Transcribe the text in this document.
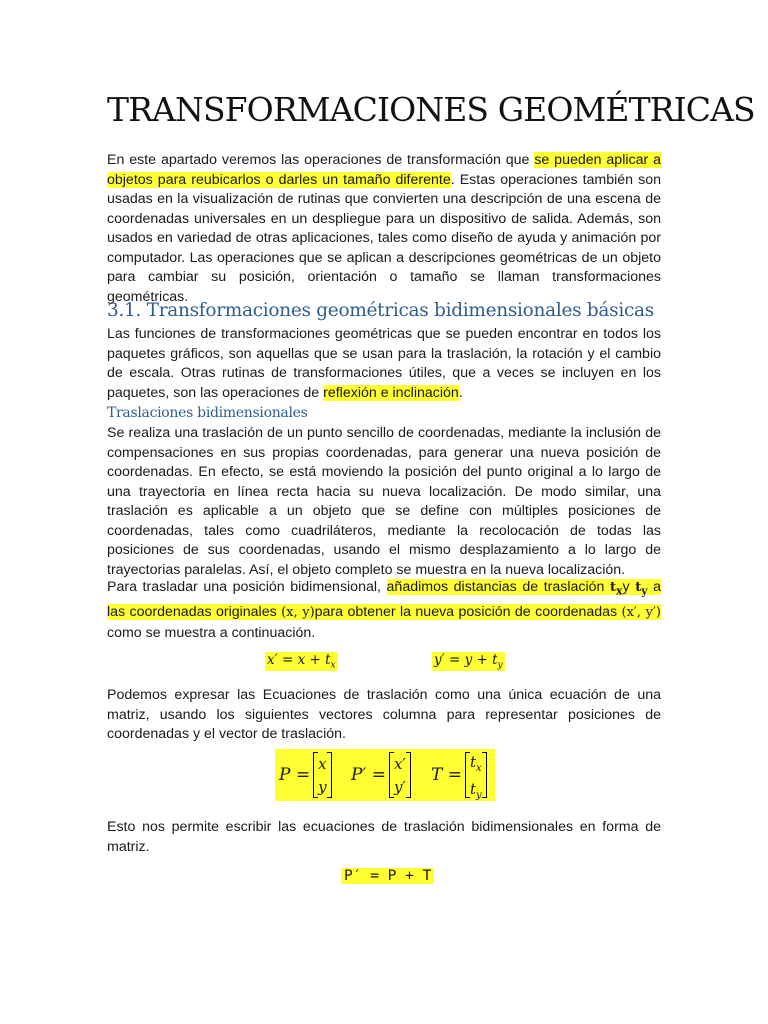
TRANSFORMACIONES GEOMÉTRICAS

En este apartado veremos las operaciones de transformación que se pueden aplicar a objetos para reubicarlos o darles un tamaño diferente. Estas operaciones también son usadas en la visualización de rutinas que convierten una descripción de una escena de coordenadas universales en un despliegue para un dispositivo de salida. Además, son usados en variedad de otras aplicaciones, tales como diseño de ayuda y animación por computador. Las operaciones que se aplican a descripciones geométricas de un objeto para cambiar su posición, orientación o tamaño se llaman transformaciones geométricas.

3.1. Transformaciones geométricas bidimensionales básicas

Las funciones de transformaciones geométricas que se pueden encontrar en todos los paquetes gráficos, son aquellas que se usan para la traslación, la rotación y el cambio de escala. Otras rutinas de transformaciones útiles, que a veces se incluyen en los paquetes, son las operaciones de reflexión e inclinación.

Traslaciones bidimensionales

Se realiza una traslación de un punto sencillo de coordenadas, mediante la inclusión de compensaciones en sus propias coordenadas, para generar una nueva posición de coordenadas. En efecto, se está moviendo la posición del punto original a lo largo de una trayectoria en línea recta hacia su nueva localización. De modo similar, una traslación es aplicable a un objeto que se define con múltiples posiciones de coordenadas, tales como cuadriláteros, mediante la recolocación de todas las posiciones de sus coordenadas, usando el mismo desplazamiento a lo largo de trayectorias paralelas. Así, el objeto completo se muestra en la nueva localización.

Para trasladar una posición bidimensional, añadimos distancias de traslación $t_xy$ $t_y$ a las coordenadas originales (x, y)para obtener la nueva posición de coordenadas (x′, y′) como se muestra a continuación.

$x' = x + t_x$	$y' = y + t_y$

Podemos expresar las Ecuaciones de traslación como una única ecuación de una matriz, usando los siguientes vectores columna para representar posiciones de coordenadas y el vector de traslación.

P =
x
y
P′ =
x′
y′
T =
$t_x$
$t_y$

Esto nos permite escribir las ecuaciones de traslación bidimensionales en forma de matriz.

P′ = P + T
